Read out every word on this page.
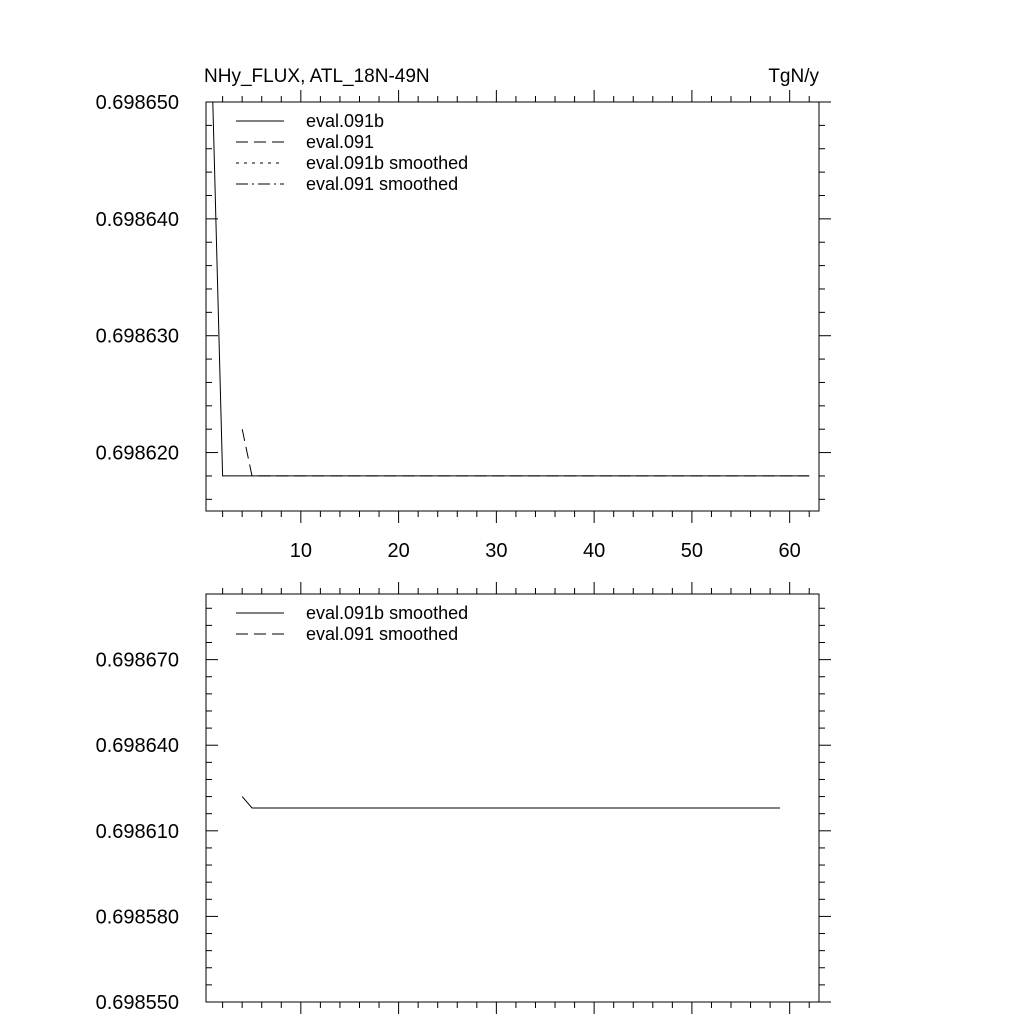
10	20	30	40	50	60
0.698620
0.698630
0.698640
0.698650
eval.091b
eval.091
eval.091b smoothed
eval.091 smoothed
NHy_FLUX, ATL_18N-49N	TgN/y
0.698550
0.698580
0.698610
0.698640
0.698670
eval.091b smoothed
eval.091 smoothed
